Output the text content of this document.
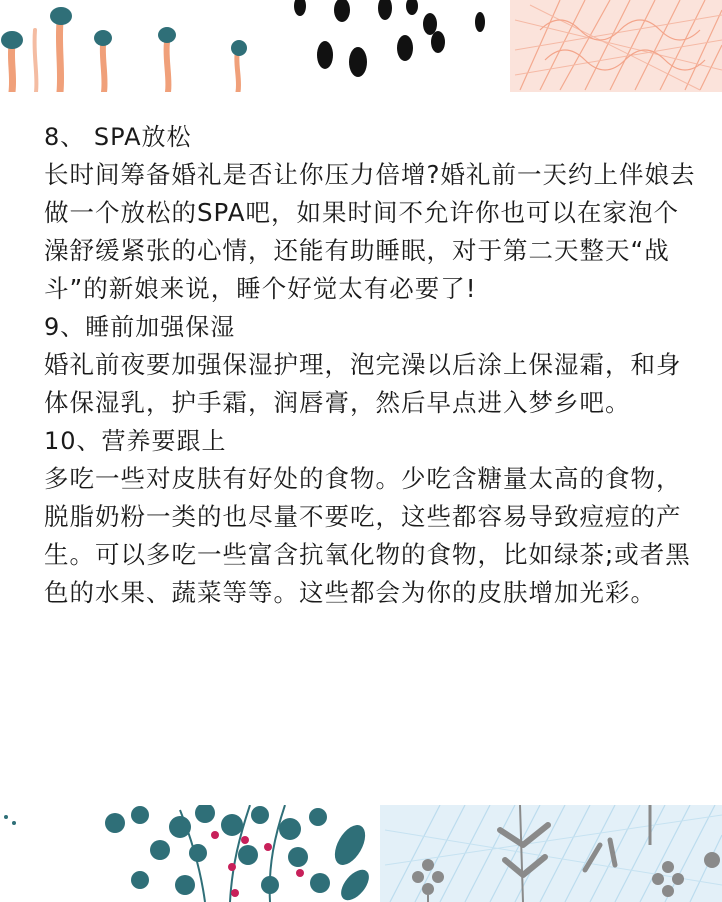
8、 SPA放松

长时间筹备婚礼是否让你压力倍增?婚礼前一天约上伴娘去做一个放松的SPA吧，如果时间不允许你也可以在家泡个澡舒缓紧张的心情，还能有助睡眠，对于第二天整天“战斗”的新娘来说，睡个好觉太有必要了!

9、睡前加强保湿

婚礼前夜要加强保湿护理，泡完澡以后涂上保湿霜，和身体保湿乳，护手霜，润唇膏，然后早点进入梦乡吧。

10、营养要跟上

多吃一些对皮肤有好处的食物。少吃含糖量太高的食物，脱脂奶粉一类的也尽量不要吃，这些都容易导致痘痘的产生。可以多吃一些富含抗氧化物的食物，比如绿茶;或者黑色的水果、蔬菜等等。这些都会为你的皮肤增加光彩。
